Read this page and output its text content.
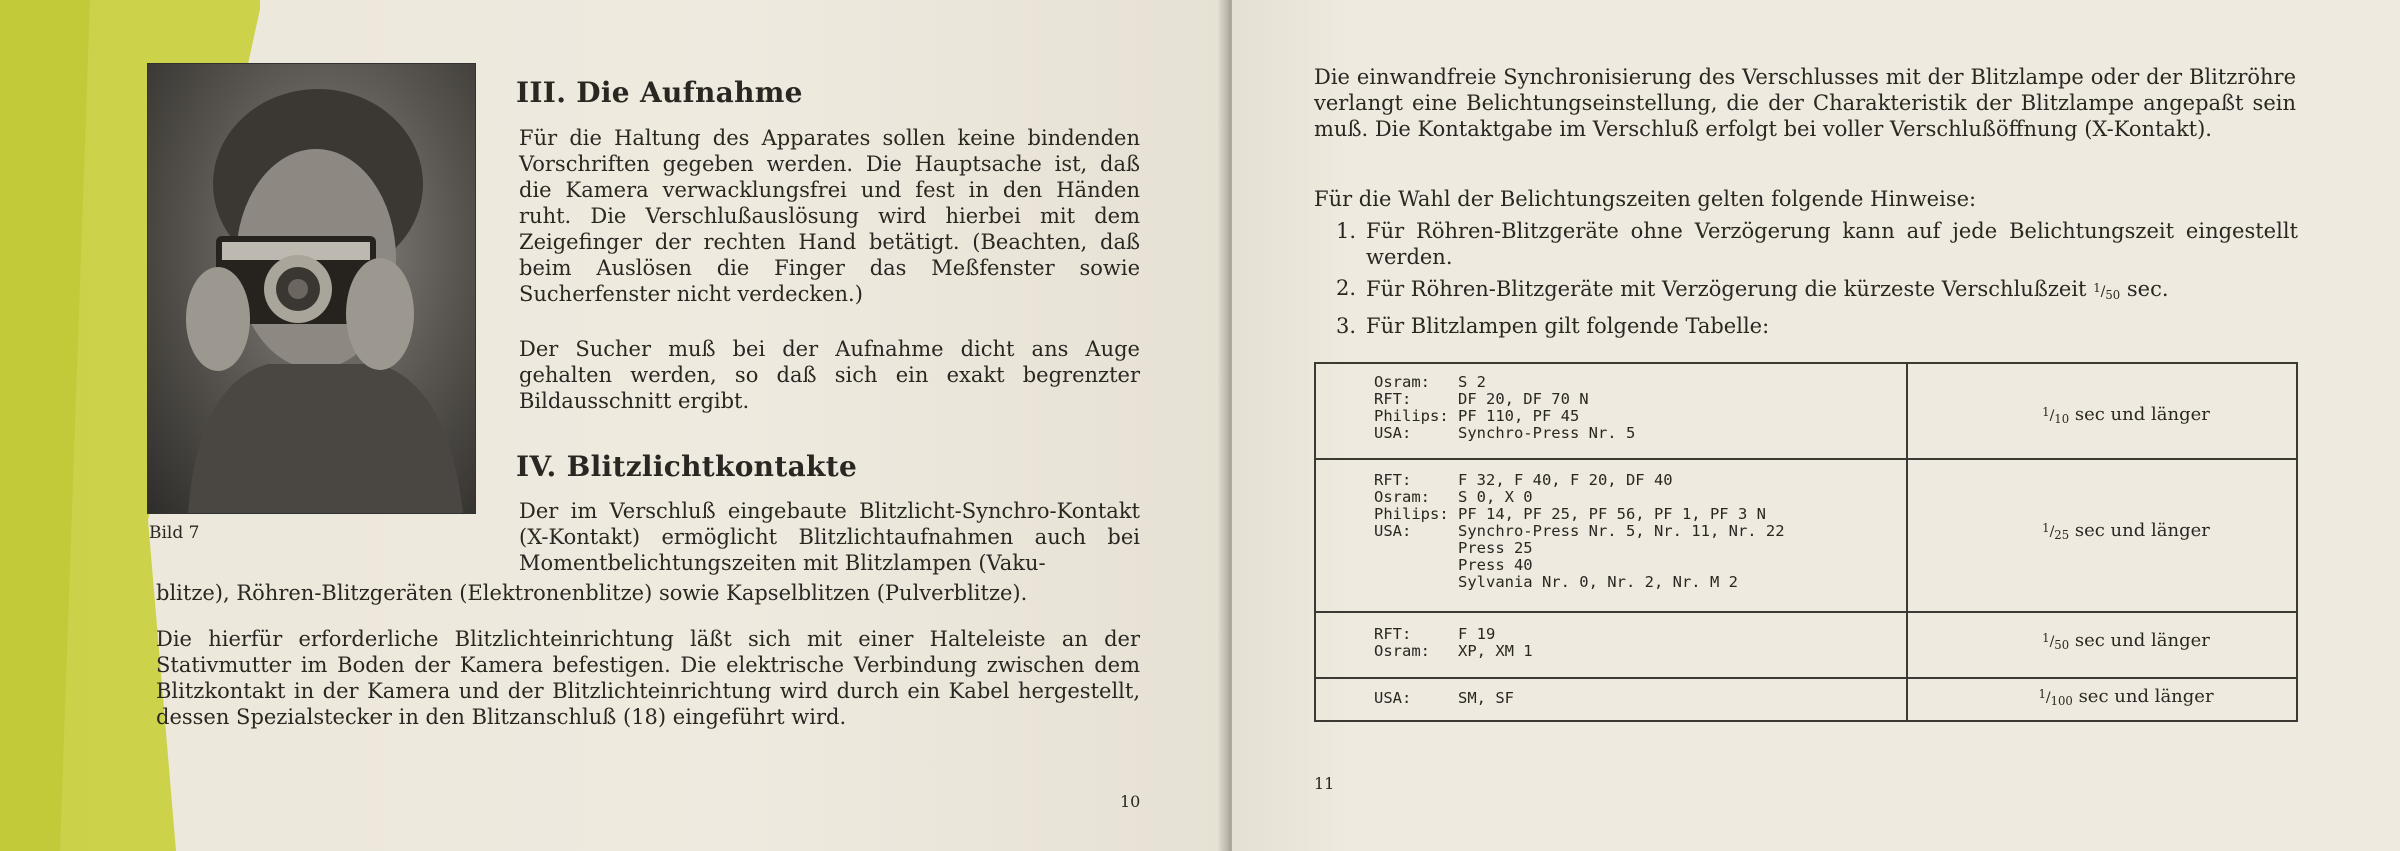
Bild 7
III. Die Aufnahme

Für die Haltung des Apparates sollen keine bindenden Vorschriften gegeben werden. Die Hauptsache ist, daß die Kamera verwacklungsfrei und fest in den Händen ruht. Die Verschlußauslösung wird hierbei mit dem Zeigefinger der rechten Hand betätigt. (Beachten, daß beim Auslösen die Finger das Meßfenster sowie Sucherfenster nicht verdecken.)

Der Sucher muß bei der Aufnahme dicht ans Auge gehalten werden, so daß sich ein exakt begrenzter Bildausschnitt ergibt.

IV. Blitzlichtkontakte

Der im Verschluß eingebaute Blitzlicht-Synchro-Kontakt (X-Kontakt) ermöglicht Blitzlichtaufnahmen auch bei Momentbelichtungszeiten mit Blitzlampen (Vaku-

blitze), Röhren-Blitzgeräten (Elektronenblitze) sowie Kapselblitzen (Pulverblitze).

Die hierfür erforderliche Blitzlichteinrichtung läßt sich mit einer Halteleiste an der Stativmutter im Boden der Kamera befestigen. Die elektrische Verbindung zwischen dem Blitzkontakt in der Kamera und der Blitzlichteinrichtung wird durch ein Kabel hergestellt, dessen Spezialstecker in den Blitzanschluß (18) eingeführt wird.

10
Die einwandfreie Synchronisierung des Verschlusses mit der Blitzlampe oder der Blitzröhre verlangt eine Belichtungseinstellung, die der Charakteristik der Blitzlampe angepaßt sein muß. Die Kontaktgabe im Verschluß erfolgt bei voller Verschlußöffnung (X-Kontakt).
Für die Wahl der Belichtungszeiten gelten folgende Hinweise:
1. Für Röhren-Blitzgeräte ohne Verzögerung kann auf jede Belichtungszeit eingestellt werden.
2. Für Röhren-Blitzgeräte mit Verzögerung die kürzeste Verschlußzeit $^1/_{50}$ sec.
3. Für Blitzlampen gilt folgende Tabelle:
Osram:   S 2
RFT:     DF 20, DF 70 N
Philips: PF 110, PF 45
USA:     Synchro-Press Nr. 5
$^1/_{10}$ sec und länger
RFT:     F 32, F 40, F 20, DF 40
Osram:   S 0, X 0
Philips: PF 14, PF 25, PF 56, PF 1, PF 3 N
USA:     Synchro-Press Nr. 5, Nr. 11, Nr. 22
Press 25
Press 40
Sylvania Nr. 0, Nr. 2, Nr. M 2
$^1/_{25}$ sec und länger
RFT:     F 19
Osram:   XP, XM 1
$^1/_{50}$ sec und länger
USA:     SM, SF	$^1/_{100}$ sec und länger
11
